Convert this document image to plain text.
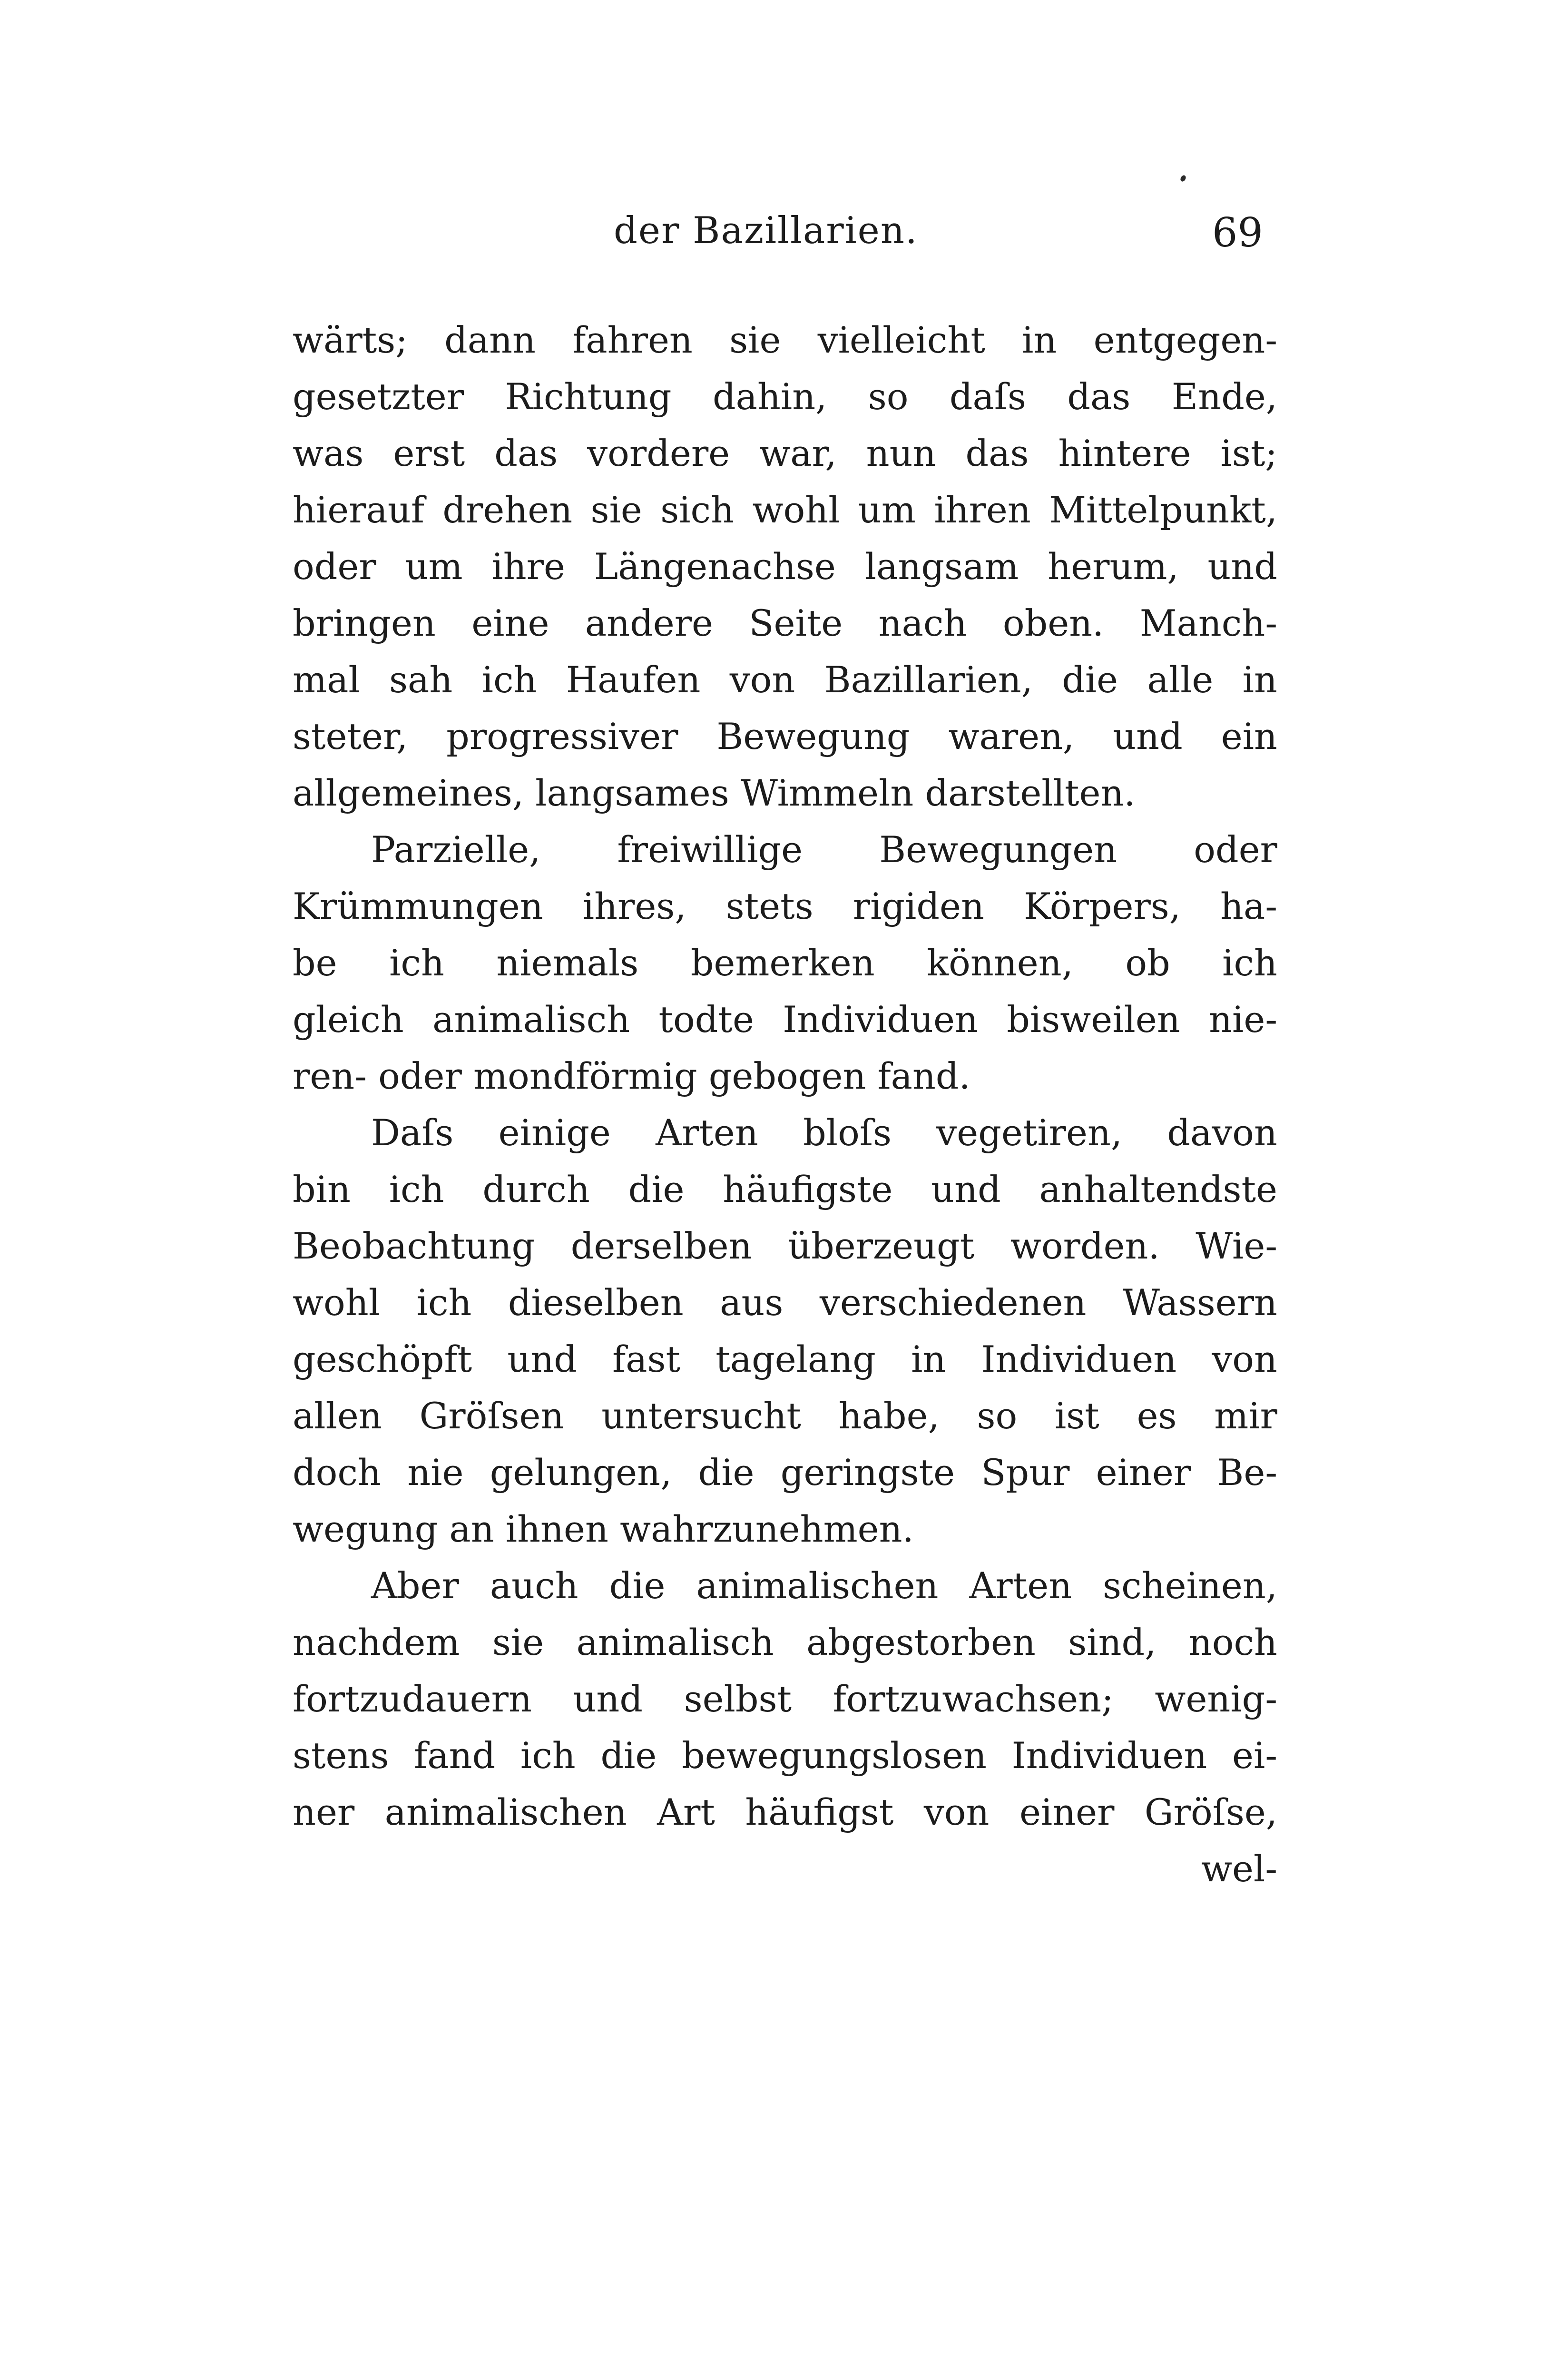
der Bazillarien.	69
wärts; dann fahren sie vielleicht in entgegen-
gesetzter Richtung dahin, so daſs das Ende,
was erst das vordere war, nun das hintere ist;
hierauf drehen sie sich wohl um ihren Mittelpunkt,
oder um ihre Längenachse langsam herum, und
bringen eine andere Seite nach oben. Manch-
mal sah ich Haufen von Bazillarien, die alle in
steter, progressiver Bewegung waren, und ein
allgemeines, langsames Wimmeln darstellten.
Parzielle, freiwillige Bewegungen oder
Krümmungen ihres, stets rigiden Körpers, ha-
be ich niemals bemerken können, ob ich
gleich animalisch todte Individuen bisweilen nie-
ren- oder mondförmig gebogen fand.
Daſs einige Arten bloſs vegetiren, davon
bin ich durch die häufigste und anhaltendste
Beobachtung derselben überzeugt worden. Wie-
wohl ich dieselben aus verschiedenen Wassern
geschöpft und fast tagelang in Individuen von
allen Gröſsen untersucht habe, so ist es mir
doch nie gelungen, die geringste Spur einer Be-
wegung an ihnen wahrzunehmen.
Aber auch die animalischen Arten scheinen,
nachdem sie animalisch abgestorben sind, noch
fortzudauern und selbst fortzuwachsen; wenig-
stens fand ich die bewegungslosen Individuen ei-
ner animalischen Art häufigst von einer Gröſse,
wel-
